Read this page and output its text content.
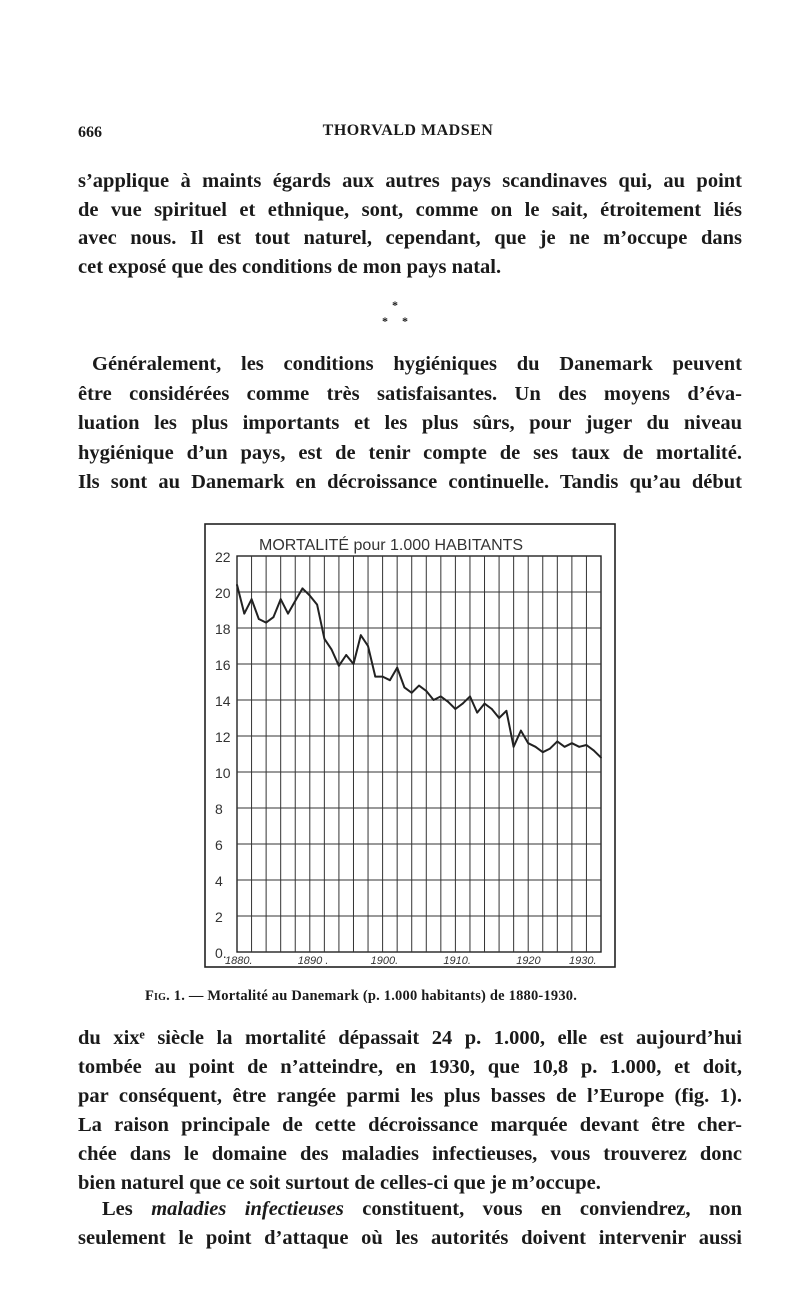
666	THORVALD MADSEN
s’applique à maints égards aux autres pays scandinaves qui, au point
de vue spirituel et ethnique, sont, comme on le sait, étroitement liés
avec nous. Il est tout naturel, cependant, que je ne m’occupe dans
cet exposé que des conditions de mon pays natal.
*
* *
Généralement, les conditions hygiéniques du Danemark peuvent
être considérées comme très satisfaisantes. Un des moyens d’éva-
luation les plus importants et les plus sûrs, pour juger du niveau
hygiénique d’un pays, est de tenir compte de ses taux de mortalité.
Ils sont au Danemark en décroissance continuelle. Tandis qu’au début
MORTALITÉ pour 1.000 HABITANTS
0.
2
4
6
8
10
12
14
16
18
20
22
1880.	1890 .	1900.	1910.	1920	1930.
Fig. 1. — Mortalité au Danemark (p. 1.000 habitants) de 1880-1930.
du xixᵉ siècle la mortalité dépassait 24 p. 1.000, elle est aujourd’hui
tombée au point de n’atteindre, en 1930, que 10,8 p. 1.000, et doit,
par conséquent, être rangée parmi les plus basses de l’Europe (fig. 1).
La raison principale de cette décroissance marquée devant être cher-
chée dans le domaine des maladies infectieuses, vous trouverez donc
bien naturel que ce soit surtout de celles-ci que je m’occupe.
Les maladies infectieuses constituent, vous en conviendrez, non
seulement le point d’attaque où les autorités doivent intervenir aussi
